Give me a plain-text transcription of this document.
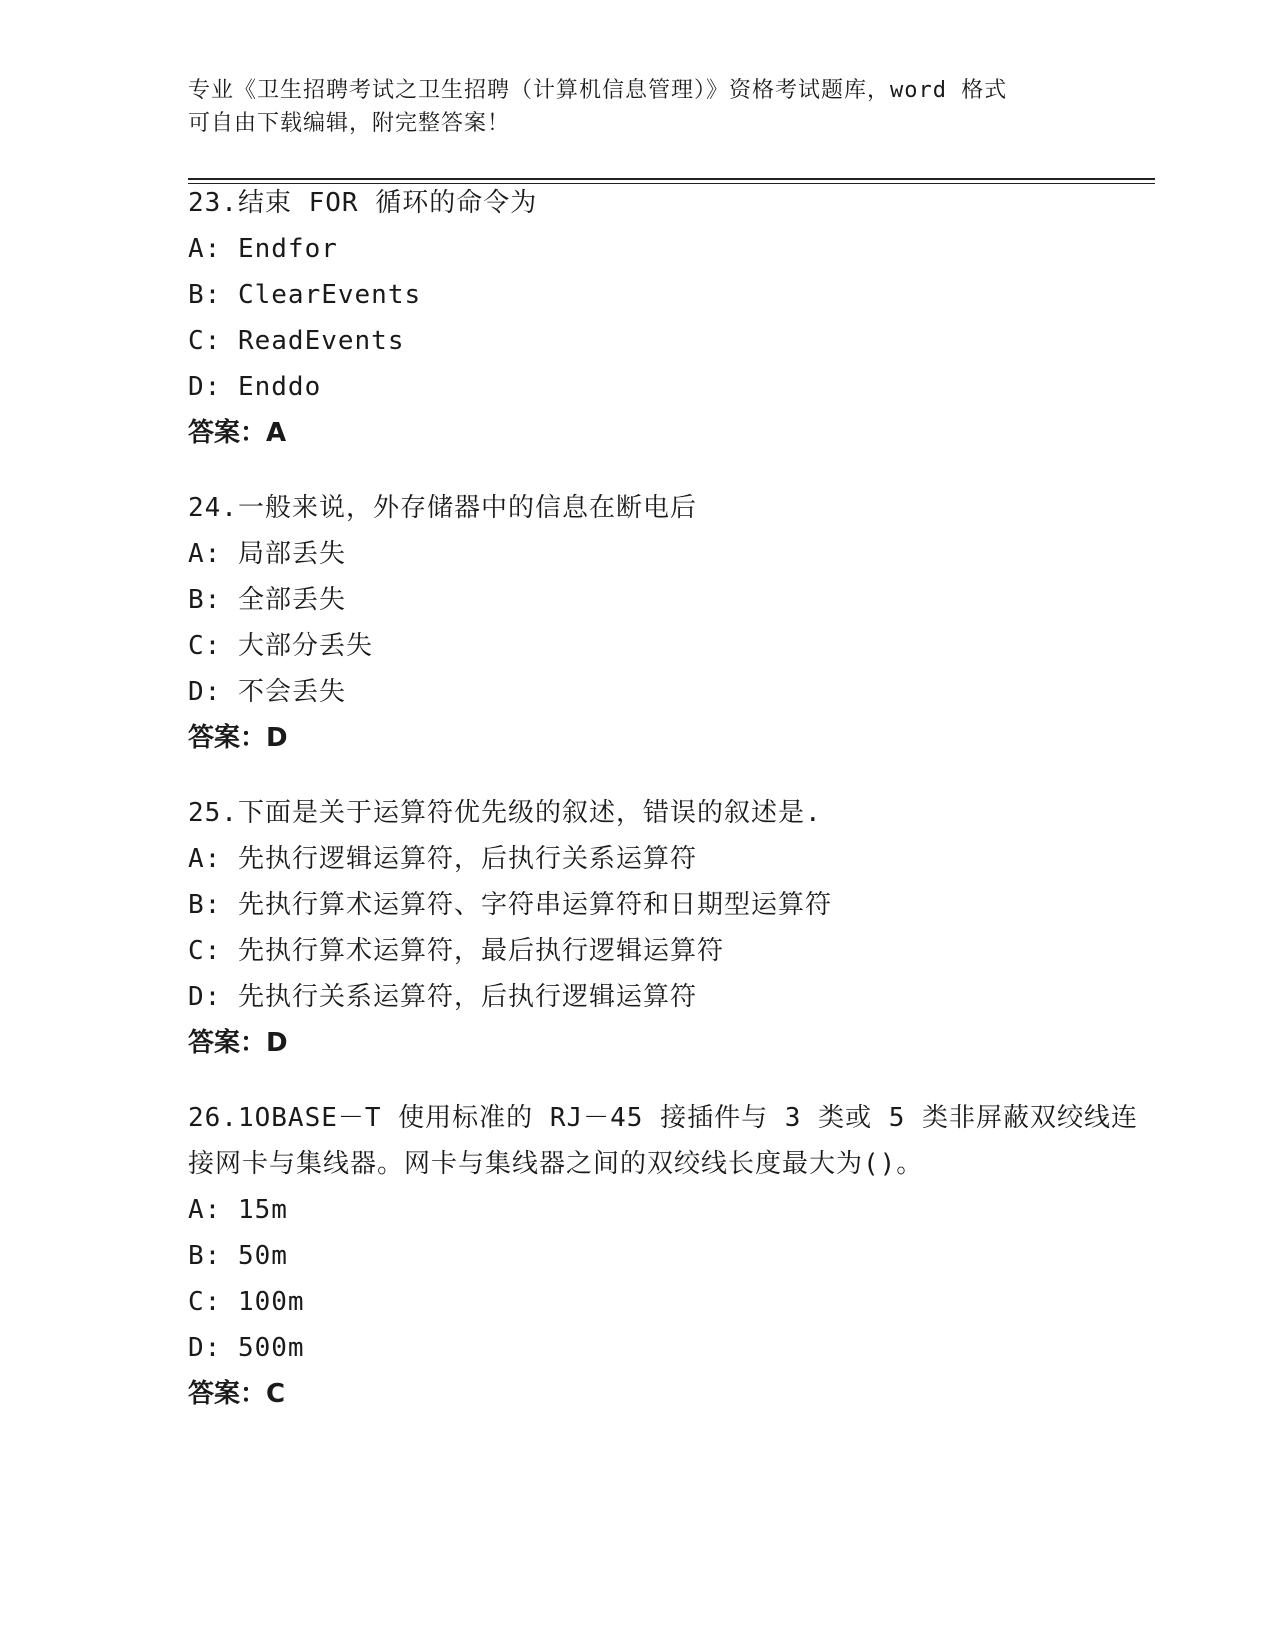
专业《卫生招聘考试之卫生招聘（计算机信息管理）》资格考试题库，word 格式
可自由下载编辑，附完整答案！
23.结束 FOR 循环的命令为
A: Endfor
B: ClearEvents
C: ReadEvents
D: Enddo
答案：A
24.一般来说，外存储器中的信息在断电后
A: 局部丢失
B: 全部丢失
C: 大部分丢失
D: 不会丢失
答案：D
25.下面是关于运算符优先级的叙述，错误的叙述是.
A: 先执行逻辑运算符，后执行关系运算符
B: 先执行算术运算符、字符串运算符和日期型运算符
C: 先执行算术运算符，最后执行逻辑运算符
D: 先执行关系运算符，后执行逻辑运算符
答案：D
26.1OBASE－T 使用标准的 RJ－45 接插件与 3 类或 5 类非屏蔽双绞线连
接网卡与集线器。网卡与集线器之间的双绞线长度最大为()。
A: 15m
B: 50m
C: 100m
D: 500m
答案：C
